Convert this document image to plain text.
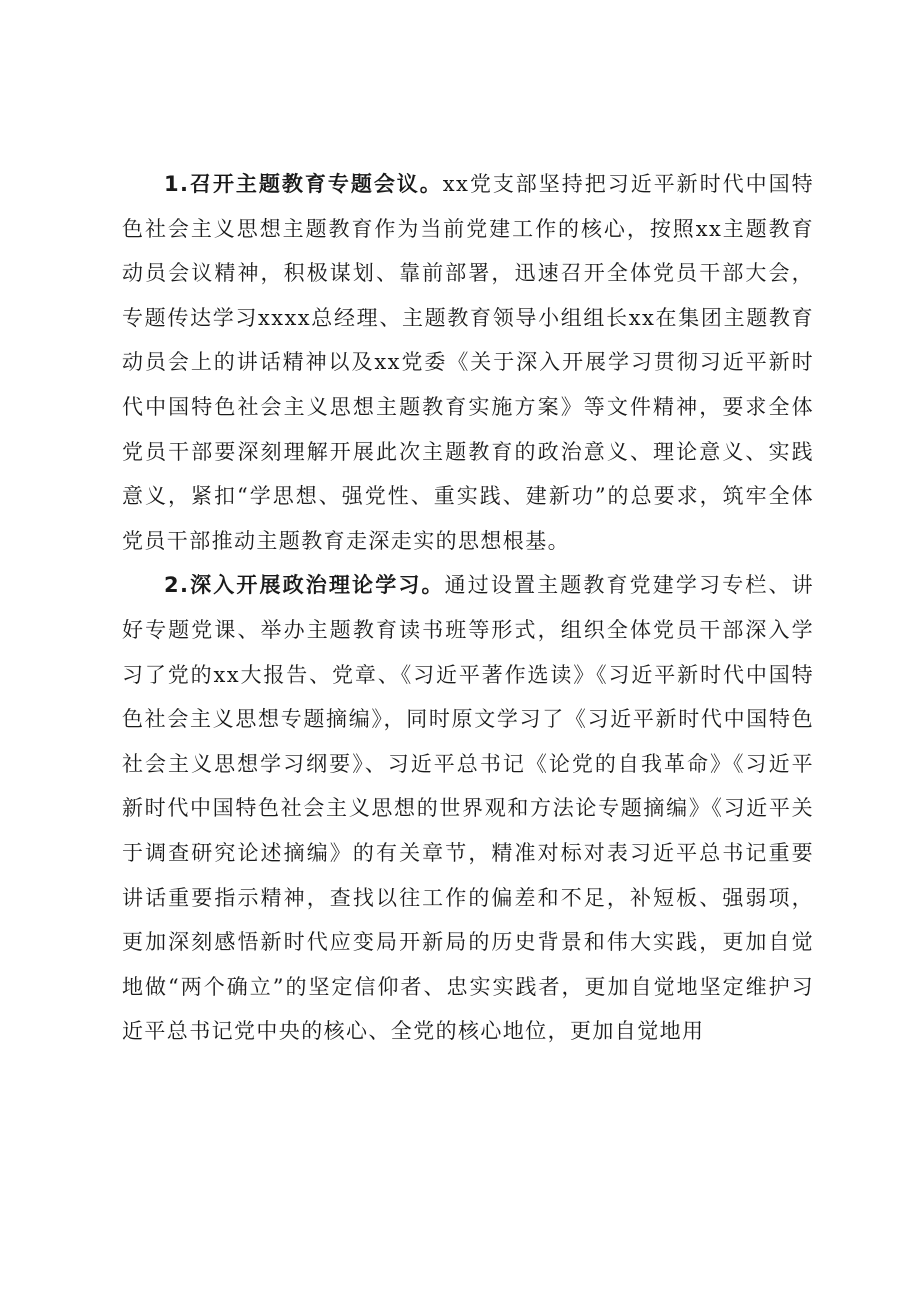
1.召开主题教育专题会议。xx党支部坚持把习近平新时代中国特色社会主义思想主题教育作为当前党建工作的核心，按照xx主题教育动员会议精神，积极谋划、靠前部署，迅速召开全体党员干部大会，专题传达学习xxxx总经理、主题教育领导小组组长xx在集团主题教育动员会上的讲话精神以及xx党委《关于深入开展学习贯彻习近平新时代中国特色社会主义思想主题教育实施方案》等文件精神，要求全体党员干部要深刻理解开展此次主题教育的政治意义、理论意义、实践意义，紧扣“学思想、强党性、重实践、建新功”的总要求，筑牢全体党员干部推动主题教育走深走实的思想根基。

2.深入开展政治理论学习。通过设置主题教育党建学习专栏、讲好专题党课、举办主题教育读书班等形式，组织全体党员干部深入学习了党的xx大报告、党章、《习近平著作选读》《习近平新时代中国特色社会主义思想专题摘编》，同时原文学习了《习近平新时代中国特色社会主义思想学习纲要》、习近平总书记《论党的自我革命》《习近平新时代中国特色社会主义思想的世界观和方法论专题摘编》《习近平关于调查研究论述摘编》的有关章节，精准对标对表习近平总书记重要讲话重要指示精神，查找以往工作的偏差和不足，补短板、强弱项，更加深刻感悟新时代应变局开新局的历史背景和伟大实践，更加自觉地做“两个确立”的坚定信仰者、忠实实践者，更加自觉地坚定维护习近平总书记党中央的核心、全党的核心地位，更加自觉地用
